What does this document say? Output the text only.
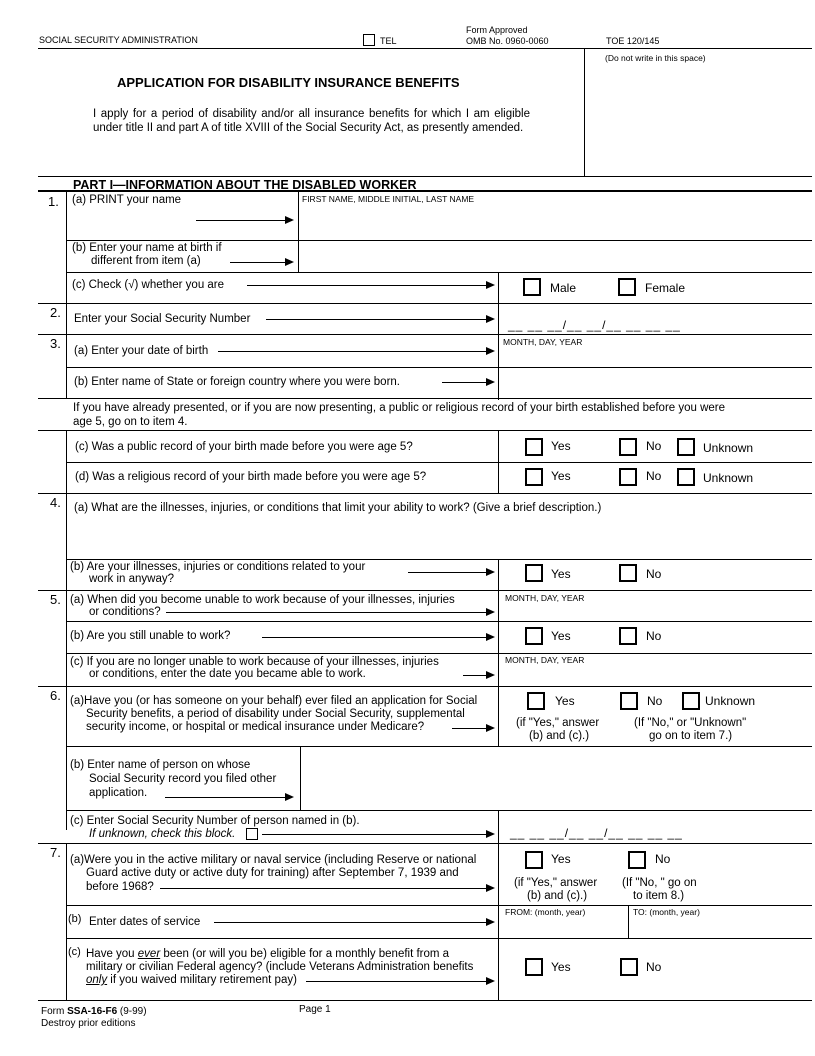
SOCIAL SECURITY ADMINISTRATION	TEL
Form Approved
OMB No. 0960-0060	TOE 120/145
(Do not write in this space)
APPLICATION FOR DISABILITY INSURANCE BENEFITS
I apply for a period of disability and/or all insurance benefits for which I am eligible under title II and part A of title XVIII of the Social Security Act, as presently amended.
PART I—INFORMATION ABOUT THE DISABLED WORKER
1. (a) PRINT your name	FIRST NAME, MIDDLE INITIAL, LAST NAME
(b) Enter your name at birth if
different from item (a)
(c) Check (√) whether you are	Male	Female
2. Enter your Social Security Number	__ __ __/__ __/__ __ __ __
3. (a) Enter your date of birth
MONTH, DAY, YEAR
(b) Enter name of State or foreign country where you were born.
If you have already presented, or if you are now presenting, a public or religious record of your birth established before you were age 5, go on to item 4.
(c) Was a public record of your birth made before you were age 5?	Yes	No	Unknown
(d) Was a religious record of your birth made before you were age 5?	Yes	No	Unknown
4. (a) What are the illnesses, injuries, or conditions that limit your ability to work? (Give a brief description.)
(b) Are your illnesses, injuries or conditions related to your
work in anyway?	Yes	No
5. (a) When did you become unable to work because of your illnesses, injuries
or conditions?
MONTH, DAY, YEAR
(b) Are you still unable to work?	Yes	No
(c) If you are no longer unable to work because of your illnesses, injuries
or conditions, enter the date you became able to work.
MONTH, DAY, YEAR
6. (a)Have you (or has someone on your behalf) ever filed an application for Social
Security benefits, a period of disability under Social Security, supplemental
security income, or hospital or medical insurance under Medicare?
Yes	No	Unknown
(if "Yes," answer
(b) and (c).)
(If "No," or "Unknown"
go on to item 7.)
(b) Enter name of person on whose
Social Security record you filed other
application.
(c) Enter Social Security Number of person named in (b).
If unknown, check this block.	__ __ __/__ __/__ __ __ __
7. (a)Were you in the active military or naval service (including Reserve or national
Guard active duty or active duty for training) after September 7, 1939 and
before 1968?
Yes	No
(if "Yes," answer
(b) and (c).)
(If "No, " go on
to item 8.)
(b) Enter dates of service
FROM: (month, year)	TO: (month, year)
(c) Have you ever been (or will you be) eligible for a monthly benefit from a
military or civilian Federal agency? (include Veterans Administration benefits
only if you waived military retirement pay)
Yes	No
Form SSA-16-F6 (9-99)
Destroy prior editions
Page 1
